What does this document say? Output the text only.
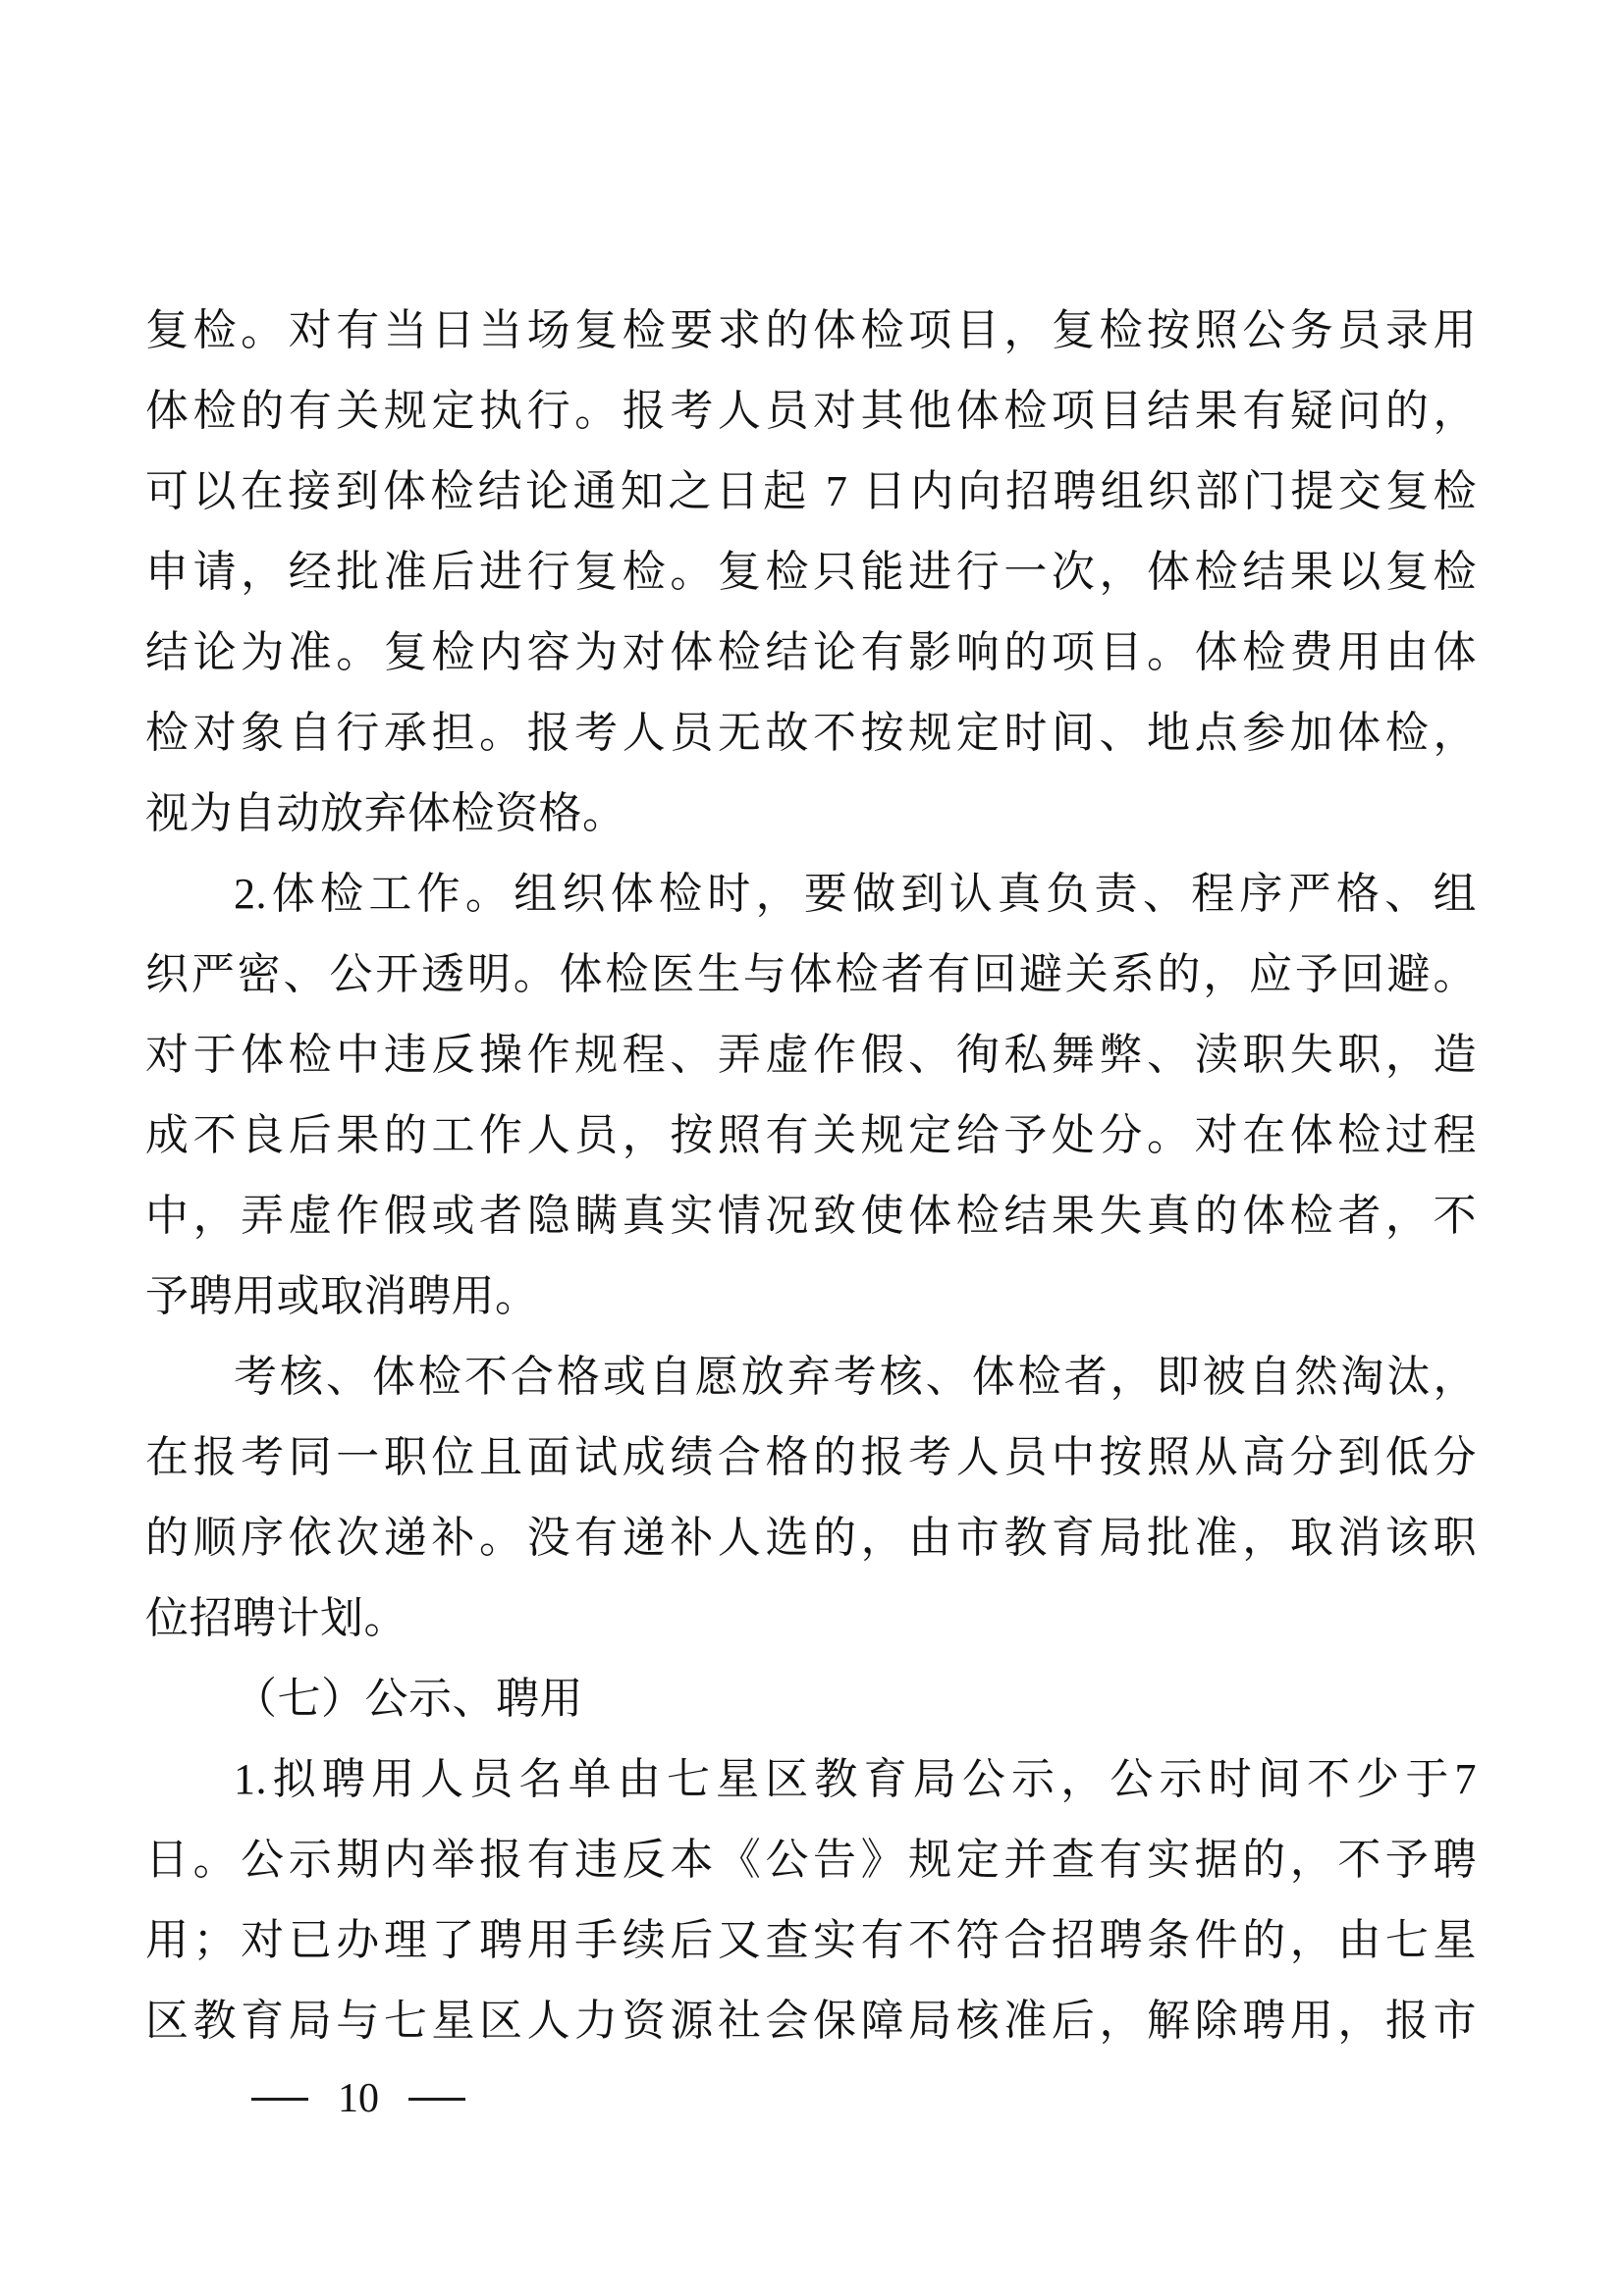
复检。对有当日当场复检要求的体检项目，复检按照公务员录用
体检的有关规定执行。报考人员对其他体检项目结果有疑问的，
可以在接到体检结论通知之日起 7 日内向招聘组织部门提交复检
申请，经批准后进行复检。复检只能进行一次，体检结果以复检
结论为准。复检内容为对体检结论有影响的项目。体检费用由体
检对象自行承担。报考人员无故不按规定时间、地点参加体检，
视为自动放弃体检资格。
2.体检工作。组织体检时，要做到认真负责、程序严格、组
织严密、公开透明。体检医生与体检者有回避关系的，应予回避。
对于体检中违反操作规程、弄虚作假、徇私舞弊、渎职失职，造
成不良后果的工作人员，按照有关规定给予处分。对在体检过程
中，弄虚作假或者隐瞒真实情况致使体检结果失真的体检者，不
予聘用或取消聘用。
考核、体检不合格或自愿放弃考核、体检者，即被自然淘汰，
在报考同一职位且面试成绩合格的报考人员中按照从高分到低分
的顺序依次递补。没有递补人选的，由市教育局批准，取消该职
位招聘计划。
（七）公示、聘用
1.拟聘用人员名单由七星区教育局公示，公示时间不少于7
日。公示期内举报有违反本《公告》规定并查有实据的，不予聘
用；对已办理了聘用手续后又查实有不符合招聘条件的，由七星
区教育局与七星区人力资源社会保障局核准后，解除聘用，报市
10
